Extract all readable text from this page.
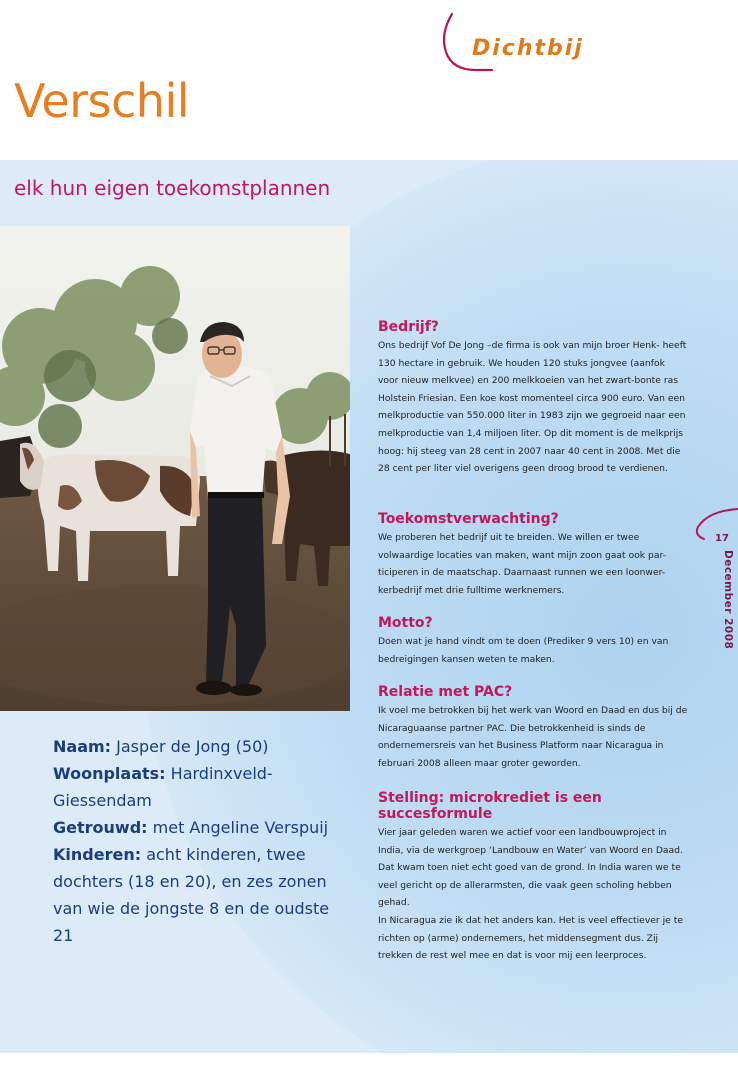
Dichtbij
Verschil
elk hun eigen toekomstplannen
Naam: Jasper de Jong (50)
Woonplaats: Hardinxveld-Giessendam
Getrouwd: met Angeline Verspuij
Kinderen: acht kinderen, twee dochters (18 en 20), en zes zonen van wie de jongste 8 en de oudste 21
Bedrijf?

Ons bedrijf Vof De Jong –de firma is ook van mijn broer Henk- heeft 130 hectare in gebruik. We houden 120 stuks jongvee (aanfok voor nieuw melkvee) en 200 melkkoeien van het zwart-bonte ras Holstein Friesian. Een koe kost momenteel circa 900 euro. Van een melkproductie van 550.000 liter in 1983 zijn we gegroeid naar een melkproductie van 1,4 miljoen liter. Op dit moment is de melkprijs hoog: hij steeg van 28 cent in 2007 naar 40 cent in 2008. Met die 28 cent per liter viel overigens geen droog brood te verdienen.

Toekomstverwachting?

We proberen het bedrijf uit te breiden. We willen er twee volwaardige locaties van maken, want mijn zoon gaat ook par-ticiperen in de maatschap. Daarnaast runnen we een loonwer-kerbedrijf met drie fulltime werknemers.

Motto?

Doen wat je hand vindt om te doen (Prediker 9 vers 10) en van bedreigingen kansen weten te maken.

Relatie met PAC?

Ik voel me betrokken bij het werk van Woord en Daad en dus bij de Nicaraguaanse partner PAC. Die betrokkenheid is sinds de ondernemersreis van het Business Platform naar Nicaragua in februari 2008 alleen maar groter geworden.

Stelling: microkrediet is een succesformule

Vier jaar geleden waren we actief voor een landbouwproject in India, via de werkgroep ‘Landbouw en Water’ van Woord en Daad. Dat kwam toen niet echt goed van de grond. In India waren we te veel gericht op de allerarmsten, die vaak geen scholing hebben gehad.

In Nicaragua zie ik dat het anders kan. Het is veel effectiever je te richten op (arme) ondernemers, het middensegment dus. Zij trekken de rest wel mee en dat is voor mij een leerproces.

17
December 2008
